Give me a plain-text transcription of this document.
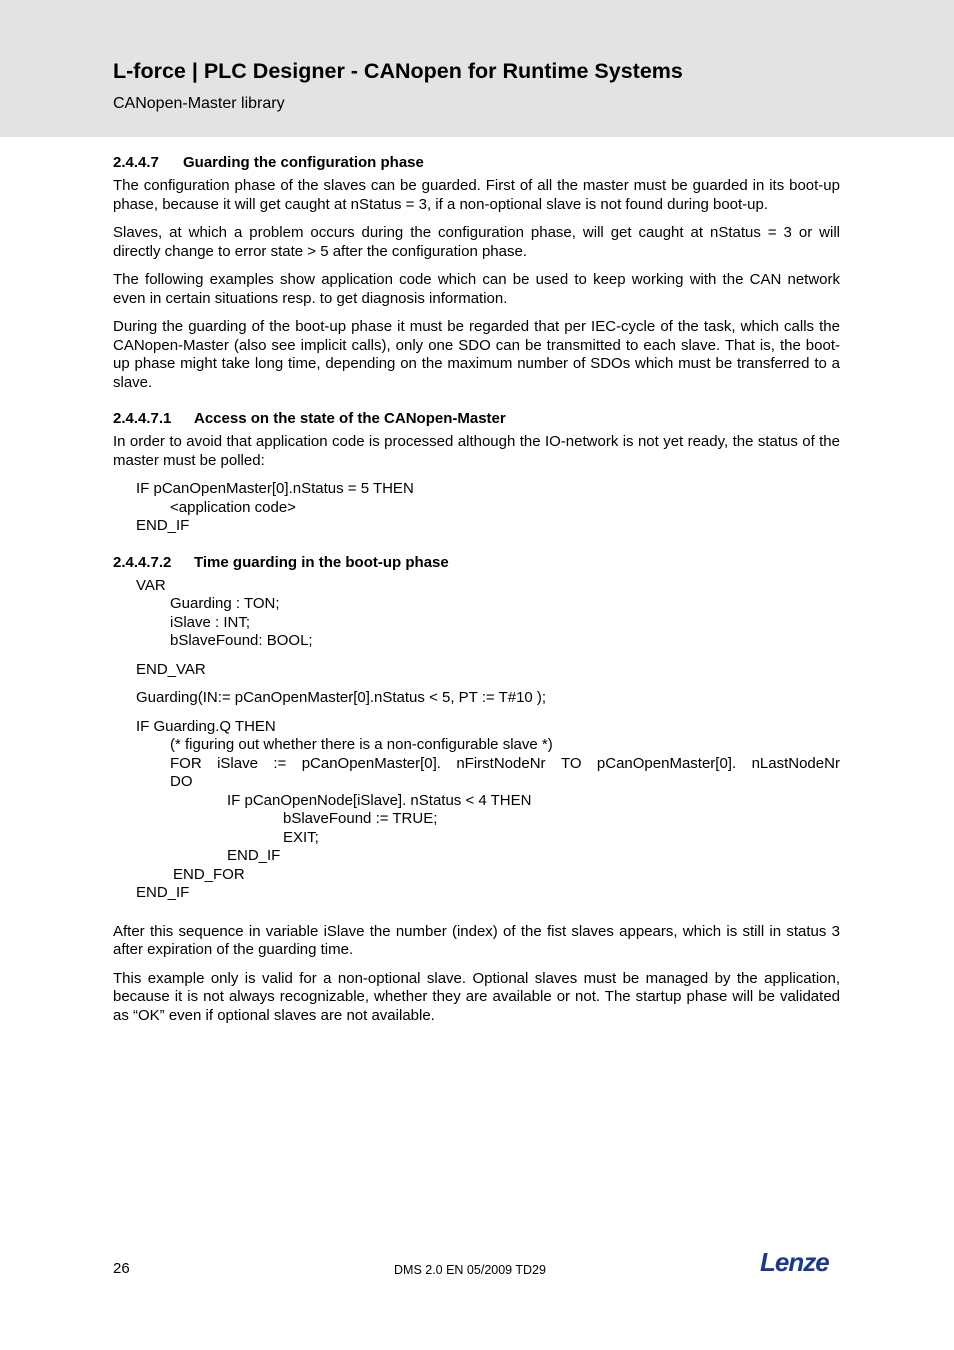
L-force | PLC Designer - CANopen for Runtime Systems
CANopen-Master library
2.4.4.7 Guarding the configuration phase

The configuration phase of the slaves can be guarded. First of all the master must be guarded in its boot-up phase, because it will get caught at nStatus = 3, if a non-optional slave is not found during boot-up.

Slaves, at which a problem occurs during the configuration phase, will get caught at nStatus = 3 or will directly change to error state > 5 after the configuration phase.

The following examples show application code which can be used to keep working with the CAN network even in certain situations resp. to get diagnosis information.

During the guarding of the boot-up phase it must be regarded that per IEC-cycle of the task, which calls the CANopen-Master (also see implicit calls), only one SDO can be transmitted to each slave. That is, the boot-up phase might take long time, depending on the maximum number of SDOs which must be transferred to a slave.

2.4.4.7.1 Access on the state of the CANopen-Master

In order to avoid that application code is processed although the IO-network is not yet ready, the status of the master must be polled:

IF pCanOpenMaster[0].nStatus = 5 THEN
<application code>
END_IF
2.4.4.7.2 Time guarding in the boot-up phase
VAR
Guarding : TON;
iSlave : INT;
bSlaveFound: BOOL;
END_VAR
Guarding(IN:= pCanOpenMaster[0].nStatus < 5, PT := T#10 );
IF Guarding.Q THEN
(* figuring out whether there is a non-configurable slave *)
FOR iSlave := pCanOpenMaster[0]. nFirstNodeNr TO pCanOpenMaster[0]. nLastNodeNr
DO
IF pCanOpenNode[iSlave]. nStatus < 4 THEN
bSlaveFound := TRUE;
EXIT;
END_IF
END_FOR
END_IF

After this sequence in variable iSlave the number (index) of the fist slaves appears, which is still in status 3 after expiration of the guarding time.

This example only is valid for a non-optional slave. Optional slaves must be managed by the application, because it is not always recognizable, whether they are available or not. The startup phase will be validated as “OK” even if optional slaves are not available.

26	DMS 2.0 EN 05/2009 TD29	Lenze
